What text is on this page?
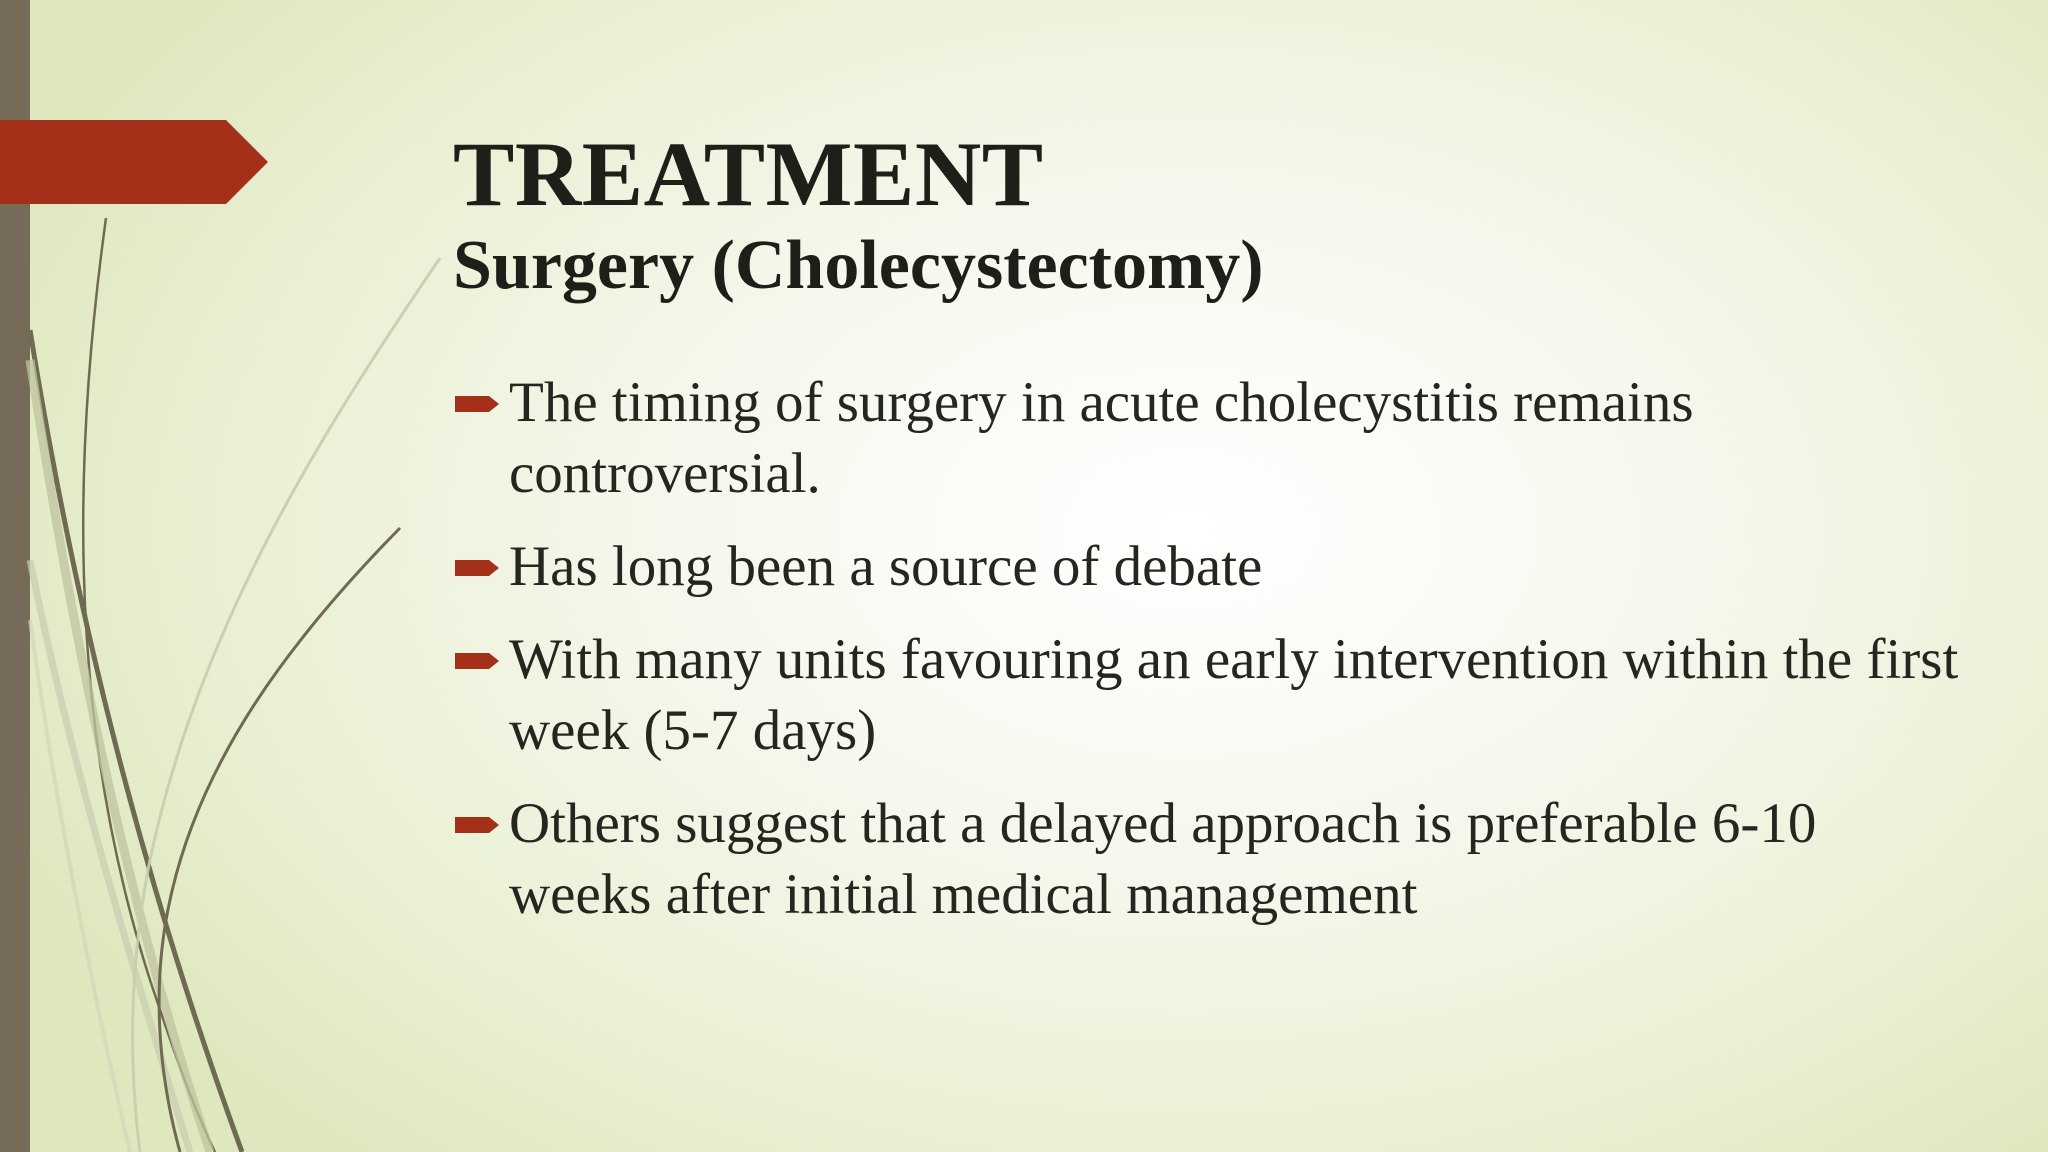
TREATMENT
Surgery (Cholecystectomy)
The timing of surgery in acute cholecystitis remains controversial.
Has long been a source of debate
With many units favouring an early intervention within the first week (5-7 days)
Others suggest that a delayed approach is preferable 6-10 weeks after initial medical management
